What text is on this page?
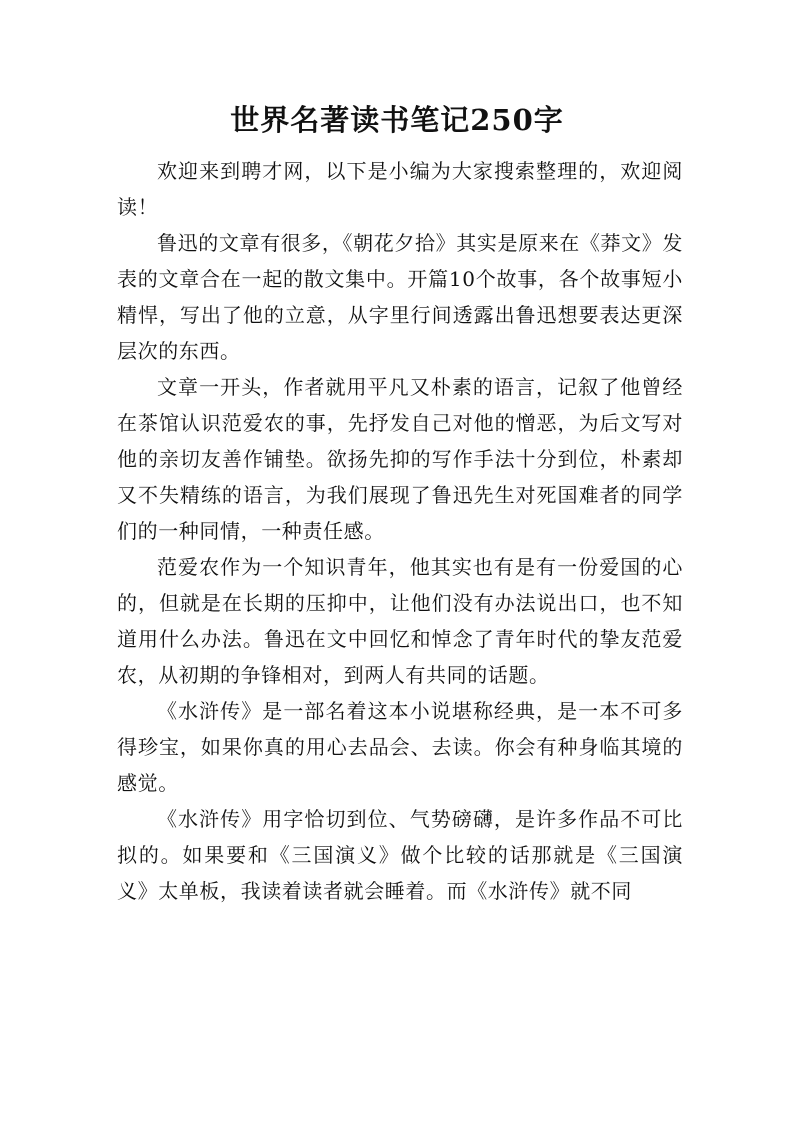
世界名著读书笔记250字

欢迎来到聘才网，以下是小编为大家搜索整理的，欢迎阅读！

鲁迅的文章有很多，《朝花夕拾》其实是原来在《莽文》发表的文章合在一起的散文集中。开篇10个故事，各个故事短小精悍，写出了他的立意，从字里行间透露出鲁迅想要表达更深层次的东西。

文章一开头，作者就用平凡又朴素的语言，记叙了他曾经在茶馆认识范爱农的事，先抒发自己对他的憎恶，为后文写对他的亲切友善作铺垫。欲扬先抑的写作手法十分到位，朴素却又不失精练的语言，为我们展现了鲁迅先生对死国难者的同学们的一种同情，一种责任感。

范爱农作为一个知识青年，他其实也有是有一份爱国的心的，但就是在长期的压抑中，让他们没有办法说出口，也不知道用什么办法。鲁迅在文中回忆和悼念了青年时代的挚友范爱农，从初期的争锋相对，到两人有共同的话题。

《水浒传》是一部名着这本小说堪称经典，是一本不可多得珍宝，如果你真的用心去品会、去读。你会有种身临其境的感觉。

《水浒传》用字恰切到位、气势磅礴，是许多作品不可比拟的。如果要和《三国演义》做个比较的话那就是《三国演义》太单板，我读着读者就会睡着。而《水浒传》就不同
